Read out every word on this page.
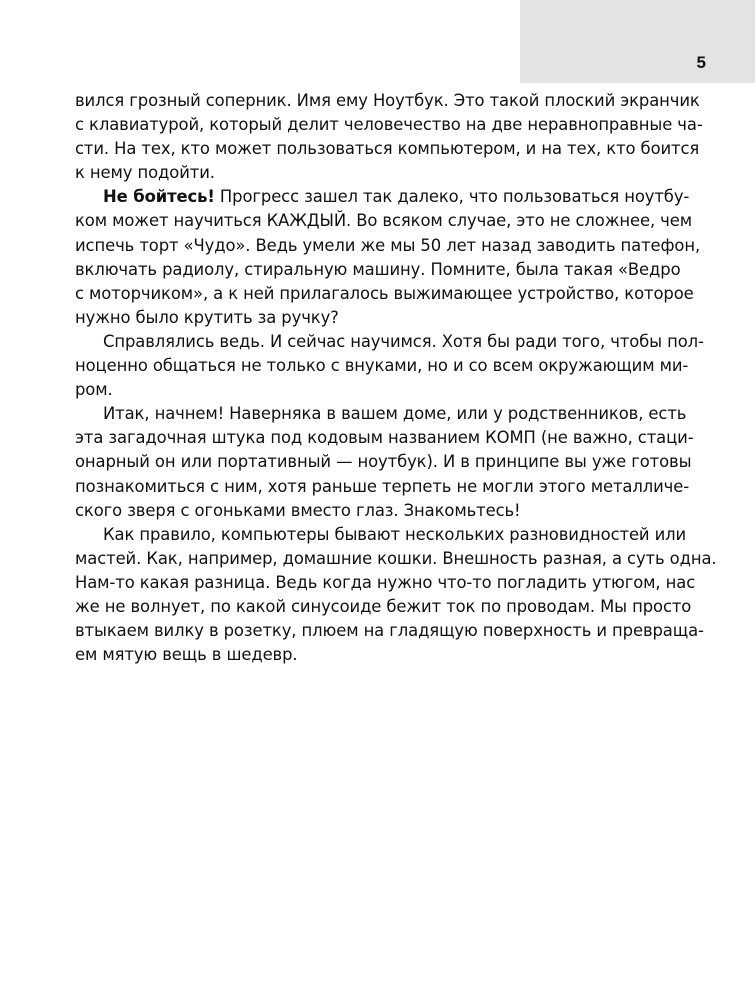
5
вился грозный соперник. Имя ему Ноутбук. Это такой плоский экранчик
с клавиатурой, который делит человечество на две неравноправные ча-
сти. На тех, кто может пользоваться компьютером, и на тех, кто боится
к нему подойти.
Не бойтесь! Прогресс зашел так далеко, что пользоваться ноутбу-
ком может научиться КАЖДЫЙ. Во всяком случае, это не сложнее, чем
испечь торт «Чудо». Ведь умели же мы 50 лет назад заводить патефон,
включать радиолу, стиральную машину. Помните, была такая «Ведро
с моторчиком», а к ней прилагалось выжимающее устройство, которое
нужно было крутить за ручку?
Справлялись ведь. И сейчас научимся. Хотя бы ради того, чтобы пол-
ноценно общаться не только с внуками, но и со всем окружающим ми-
ром.
Итак, начнем! Наверняка в вашем доме, или у родственников, есть
эта загадочная штука под кодовым названием КОМП (не важно, стаци-
онарный он или портативный — ноутбук). И в принципе вы уже готовы
познакомиться с ним, хотя раньше терпеть не могли этого металличе-
ского зверя с огоньками вместо глаз. Знакомьтесь!
Как правило, компьютеры бывают нескольких разновидностей или
мастей. Как, например, домашние кошки. Внешность разная, а суть одна.
Нам-то какая разница. Ведь когда нужно что-то погладить утюгом, нас
же не волнует, по какой синусоиде бежит ток по проводам. Мы просто
втыкаем вилку в розетку, плюем на гладящую поверхность и превраща-
ем мятую вещь в шедевр.
